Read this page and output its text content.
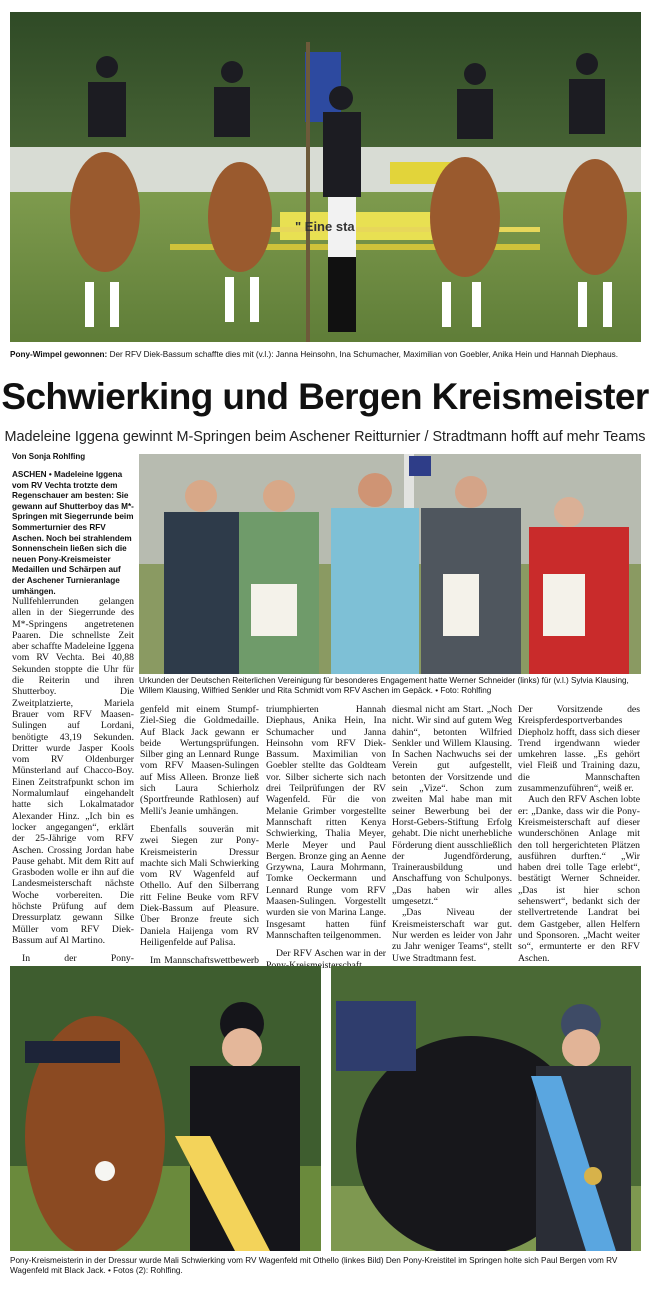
" Eine sta
Pony-Wimpel gewonnen: Der RFV Diek-Bassum schaffte dies mit (v.l.): Janna Heinsohn, Ina Schumacher, Maximilian von Goebler, Anika Hein und Hannah Diephaus.
Schwierking und Bergen Kreismeister
Madeleine Iggena gewinnt M-Springen beim Aschener Reitturnier / Stradtmann hofft auf mehr Teams
Von Sonja Rohlfing
ASCHEN • Madeleine Iggena vom RV Vechta trotzte dem Regenschauer am besten: Sie gewann auf Shutterboy das M*-Springen mit Siegerrunde beim Sommerturnier des RFV Aschen. Noch bei strahlendem Sonnenschein ließen sich die neuen Pony-Kreismeister Medaillen und Schärpen auf der Aschener Turnieranlage umhängen.
Urkunden der Deutschen Reiterlichen Vereinigung für besonderes Engagement hatte Werner Schneider (links) für (v.l.) Sylvia Klausing, Willem Klausing, Wilfried Senkler und Rita Schmidt vom RFV Aschen im Gepäck. • Foto: Rohlfing

Nullfehlerrunden gelangen allen in der Siegerrunde des M*-Springens angetretenen Paaren. Die schnellste Zeit aber schaffte Madeleine Iggena vom RV Vechta. Bei 40,88 Sekunden stoppte die Uhr für die Reiterin und ihren Shutterboy. Die Zweitplatzierte, Mariela Brauer vom RFV Maasen-Sulingen auf Lordani, benötigte 43,19 Sekunden. Dritter wurde Jasper Kools vom RV Oldenburger Münsterland auf Chacco-Boy. Einen Zeitstrafpunkt schon im Normalumlauf eingehandelt hatte sich Lokalmatador Alexander Hinz. „Ich bin es locker angegangen“, erklärt der 25-Jährige vom RFV Aschen. Crossing Jordan habe Pause gehabt. Mit dem Ritt auf Grasboden wolle er ihn auf die Landesmeisterschaft nächste Woche vorbereiten. Die höchste Prüfung auf dem Dressurplatz gewann Silke Müller vom RFV Diek-Bassum auf Al Martino.

In der Pony-

genfeld mit einem Stumpf-Ziel-Sieg die Goldmedaille. Auf Black Jack gewann er beide Wertungsprüfungen. Silber ging an Lennard Runge vom RFV Maasen-Sulingen auf Miss Alleen. Bronze ließ sich Laura Schierholz (Sportfreunde Rathlosen) auf Melli's Jeanie umhängen.

Ebenfalls souverän mit zwei Siegen zur Pony-Kreismeisterin Dressur machte sich Mali Schwierking vom RV Wagenfeld auf Othello. Auf den Silberrang ritt Feline Beuke vom RFV Diek-Bassum auf Pleasure. Über Bronze freute sich Daniela Haijenga vom RV Heiligenfelde auf Palisa.

Im Mannschaftswettbewerb

triumphierten Hannah Diephaus, Anika Hein, Ina Schumacher und Janna Heinsohn vom RFV Diek-Bassum. Maximilian von Goebler stellte das Goldteam vor. Silber sicherte sich nach drei Teilprüfungen der RV Wagenfeld. Für die von Melanie Grimber vorgestellte Mannschaft ritten Kenya Schwierking, Thalia Meyer, Merle Meyer und Paul Bergen. Bronze ging an Aenne Grzywna, Laura Mohrmann, Tomke Oeckermann und Lennard Runge vom RFV Maasen-Sulingen. Vorgestellt wurden sie von Marina Lange. Insgesamt hatten fünf Mannschaften teilgenommen.

Der RFV Aschen war in der

diesmal nicht am Start. „Noch nicht. Wir sind auf gutem Weg dahin“, betonten Wilfried Senkler und Willem Klausing. In Sachen Nachwuchs sei der Verein gut aufgestellt, betonten der Vorsitzende und sein „Vize“. Schon zum zweiten Mal habe man mit seiner Bewerbung bei der Horst-Gebers-Stiftung Erfolg gehabt. Die nicht unerhebliche Förderung dient ausschließlich der Jugendförderung, Trainerausbildung und Anschaffung von Schulponys. „Das haben wir alles umgesetzt.“

„Das Niveau der Kreismeisterschaft war gut. Nur werden es leider von Jahr zu Jahr weniger Teams“, stellt Uwe Stradtmann fest.

Der Vorsitzende des Kreispferdesportverbandes Diepholz hofft, dass sich dieser Trend irgendwann wieder umkehren lasse. „Es gehört viel Fleiß und Training dazu, die Mannschaften zusammenzuführen“, weiß er.

Auch den RFV Aschen lobte er: „Danke, dass wir die Pony-Kreismeisterschaft auf dieser wunderschönen Anlage mit den toll hergerichteten Plätzen ausführen durften.“ „Wir haben drei tolle Tage erlebt“, bestätigt Werner Schneider. „Das ist hier schon sehenswert“, bedankt sich der stellvertretende Landrat bei dem Gastgeber, allen Helfern und Sponsoren. „Macht weiter so“, ermunterte er den RFV Aschen.

Pony-Kreismeisterin in der Dressur wurde Mali Schwierking vom RV Wagenfeld mit Othello (linkes Bild) Den Pony-Kreistitel im Springen holte sich Paul Bergen vom RV Wagenfeld mit Black Jack. • Fotos (2): Rohlfing.
